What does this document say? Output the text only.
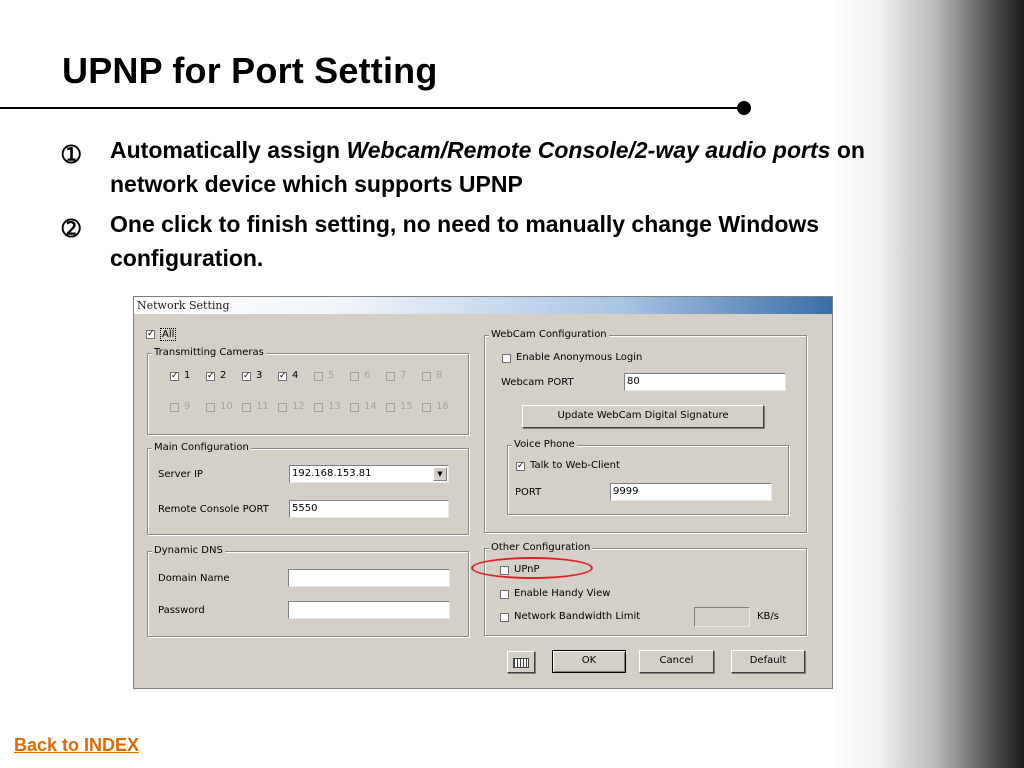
UPNP for Port Setting
➀ Automatically assign Webcam/Remote Console/2-way audio ports on network device which supports UPNP
➁ One click to finish setting, no need to manually change Windows configuration.
Network Setting
✓ All
Transmitting Cameras
✓ 1 ✓ 2 ✓ 3 ✓ 4	5	6	7	8
9	10 11 12 13 14 15 16
Main Configuration
Server IP	192.168.153.81	▼
Remote Console PORT	5550
Dynamic DNS
Domain Name
Password
WebCam Configuration
Enable Anonymous Login
Webcam PORT	80
Update WebCam Digital Signature
Voice Phone
✓ Talk to Web-Client
PORT	9999
Other Configuration
UPnP
Enable Handy View
Network Bandwidth Limit	KB/s
OK	Cancel	Default
Back to INDEX
